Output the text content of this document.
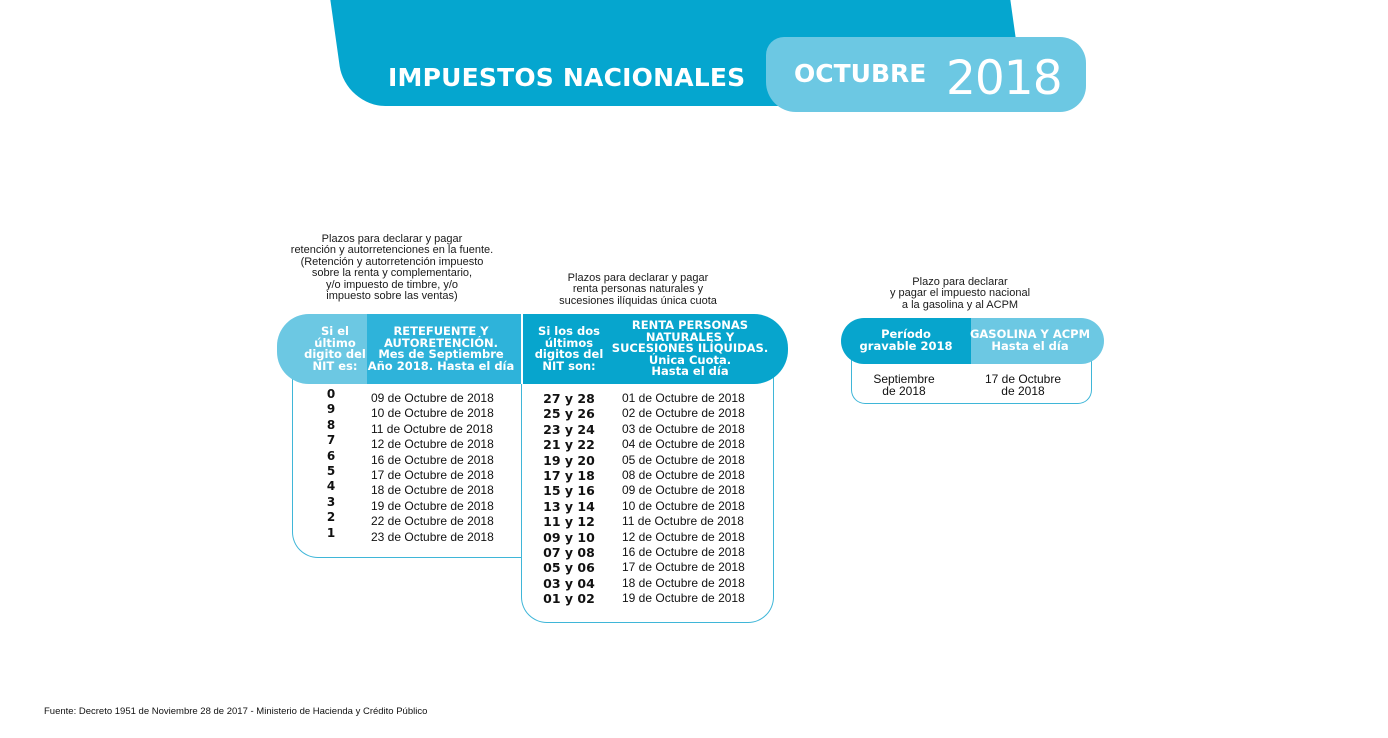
IMPUESTOS NACIONALES OCTUBRE 2018
Plazos para declarar y pagar
retención y autorretenciones en la fuente.
(Retención y autorretención impuesto
sobre la renta y complementario,
y/o impuesto de timbre, y/o
impuesto sobre las ventas)
Si el
último
digito del
NIT es:
RETEFUENTE Y
AUTORETENCIÓN.
Mes de Septiembre
Año 2018. Hasta el día
0
9
8
7
6
5
4
3
2
1
09 de Octubre de 2018
10 de Octubre de 2018
11 de Octubre de 2018
12 de Octubre de 2018
16 de Octubre de 2018
17 de Octubre de 2018
18 de Octubre de 2018
19 de Octubre de 2018
22 de Octubre de 2018
23 de Octubre de 2018
Plazos para declarar y pagar
renta personas naturales y
sucesiones ilíquidas única cuota
Si los dos
últimos
digitos del
NIT son:
RENTA PERSONAS
NATURALES Y
SUCESIONES ILÍQUIDAS.
Única Cuota.
Hasta el día
27 y 28
25 y 26
23 y 24
21 y 22
19 y 20
17 y 18
15 y 16
13 y 14
11 y 12
09 y 10
07 y 08
05 y 06
03 y 04
01 y 02
01 de Octubre de 2018
02 de Octubre de 2018
03 de Octubre de 2018
04 de Octubre de 2018
05 de Octubre de 2018
08 de Octubre de 2018
09 de Octubre de 2018
10 de Octubre de 2018
11 de Octubre de 2018
12 de Octubre de 2018
16 de Octubre de 2018
17 de Octubre de 2018
18 de Octubre de 2018
19 de Octubre de 2018
Plazo para declarar
y pagar el impuesto nacional
a la gasolina y al ACPM
Período
gravable 2018
GASOLINA Y ACPM
Hasta el día
Septiembre
de 2018
17 de Octubre
de 2018
Fuente: Decreto 1951 de Noviembre 28 de 2017 - Ministerio de Hacienda y Crédito Público
